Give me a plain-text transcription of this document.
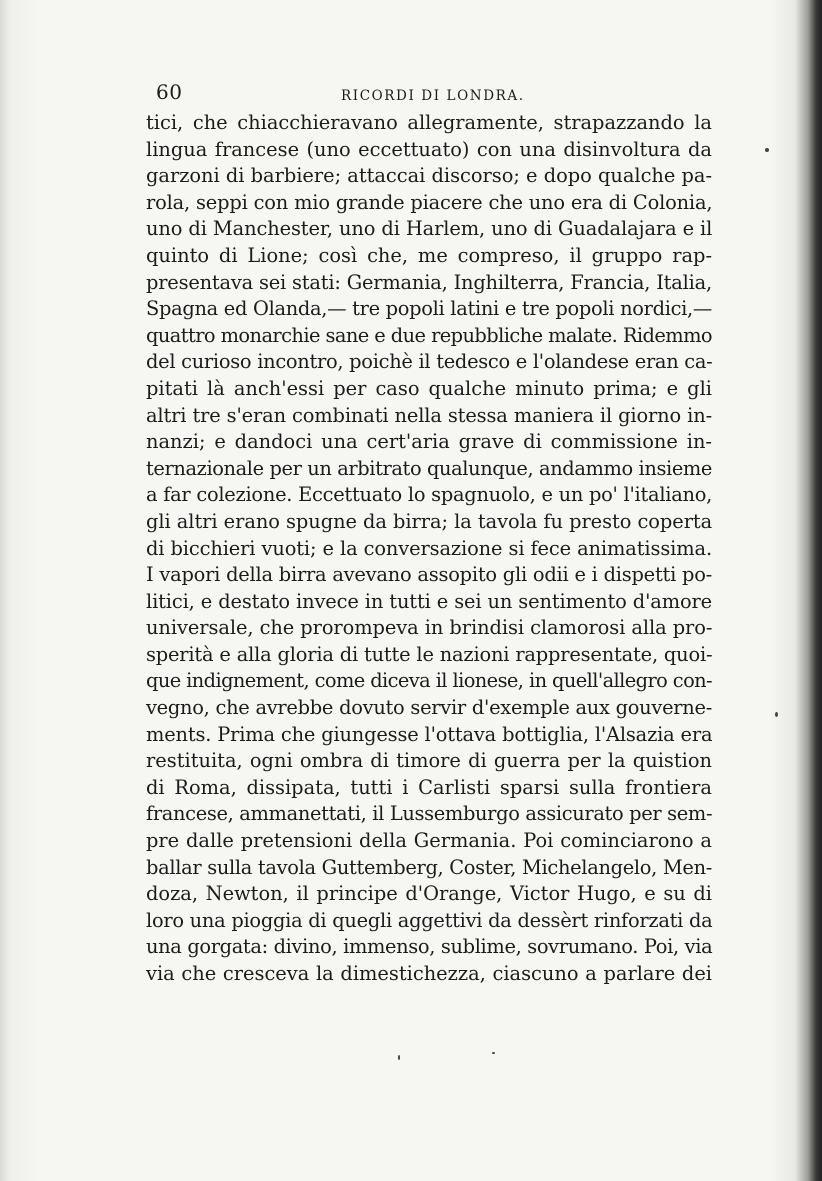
60	RICORDI DI LONDRA.
tici, che chiacchieravano allegramente, strapazzando la
lingua francese (uno eccettuato) con una disinvoltura da
garzoni di barbiere; attaccai discorso; e dopo qualche pa-
rola, seppi con mio grande piacere che uno era di Colonia,
uno di Manchester, uno di Harlem, uno di Guadalajara e il
quinto di Lione; così che, me compreso, il gruppo rap-
presentava sei stati: Germania, Inghilterra, Francia, Italia,
Spagna ed Olanda,— tre popoli latini e tre popoli nordici,—
quattro monarchie sane e due repubbliche malate. Ridemmo
del curioso incontro, poichè il tedesco e l'olandese eran ca-
pitati là anch'essi per caso qualche minuto prima; e gli
altri tre s'eran combinati nella stessa maniera il giorno in-
nanzi; e dandoci una cert'aria grave di commissione in-
ternazionale per un arbitrato qualunque, andammo insieme
a far colezione. Eccettuato lo spagnuolo, e un po' l'italiano,
gli altri erano spugne da birra; la tavola fu presto coperta
di bicchieri vuoti; e la conversazione si fece animatissima.
I vapori della birra avevano assopito gli odii e i dispetti po-
litici, e destato invece in tutti e sei un sentimento d'amore
universale, che prorompeva in brindisi clamorosi alla pro-
sperità e alla gloria di tutte le nazioni rappresentate, quoi-
que indignement, come diceva il lionese, in quell'allegro con-
vegno, che avrebbe dovuto servir d'exemple aux gouverne-
ments. Prima che giungesse l'ottava bottiglia, l'Alsazia era
restituita, ogni ombra di timore di guerra per la quistion
di Roma, dissipata, tutti i Carlisti sparsi sulla frontiera
francese, ammanettati, il Lussemburgo assicurato per sem-
pre dalle pretensioni della Germania. Poi cominciarono a
ballar sulla tavola Guttemberg, Coster, Michelangelo, Men-
doza, Newton, il principe d'Orange, Victor Hugo, e su di
loro una pioggia di quegli aggettivi da dessèrt rinforzati da
una gorgata: divino, immenso, sublime, sovrumano. Poi, via
via che cresceva la dimestichezza, ciascuno a parlare dei
